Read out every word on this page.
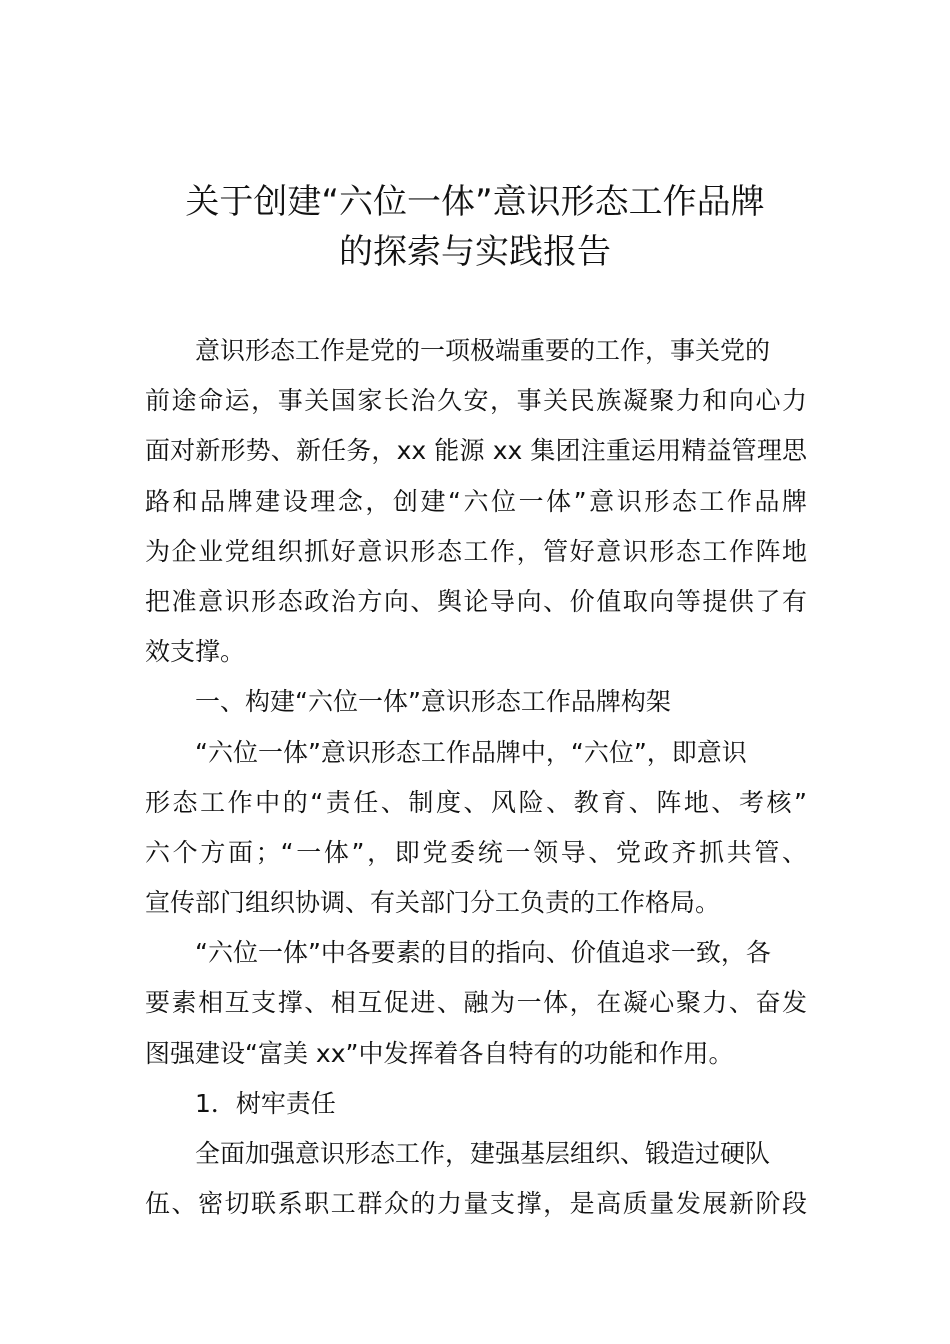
关于创建“六位一体”意识形态工作品牌
的探索与实践报告
意识形态工作是党的一项极端重要的工作，事关党的
前途命运，事关国家长治久安，事关民族凝聚力和向心力
面对新形势、新任务，xx 能源 xx 集团注重运用精益管理思
路和品牌建设理念，创建“六位一体”意识形态工作品牌
为企业党组织抓好意识形态工作，管好意识形态工作阵地
把准意识形态政治方向、舆论导向、价值取向等提供了有
效支撑。
一、构建“六位一体”意识形态工作品牌构架
“六位一体”意识形态工作品牌中，“六位”，即意识
形态工作中的“责任、制度、风险、教育、阵地、考核”
六个方面；“一体”，即党委统一领导、党政齐抓共管、
宣传部门组织协调、有关部门分工负责的工作格局。
“六位一体”中各要素的目的指向、价值追求一致，各
要素相互支撑、相互促进、融为一体，在凝心聚力、奋发
图强建设“富美 xx”中发挥着各自特有的功能和作用。
1．树牢责任
全面加强意识形态工作，建强基层组织、锻造过硬队
伍、密切联系职工群众的力量支撑，是高质量发展新阶段
